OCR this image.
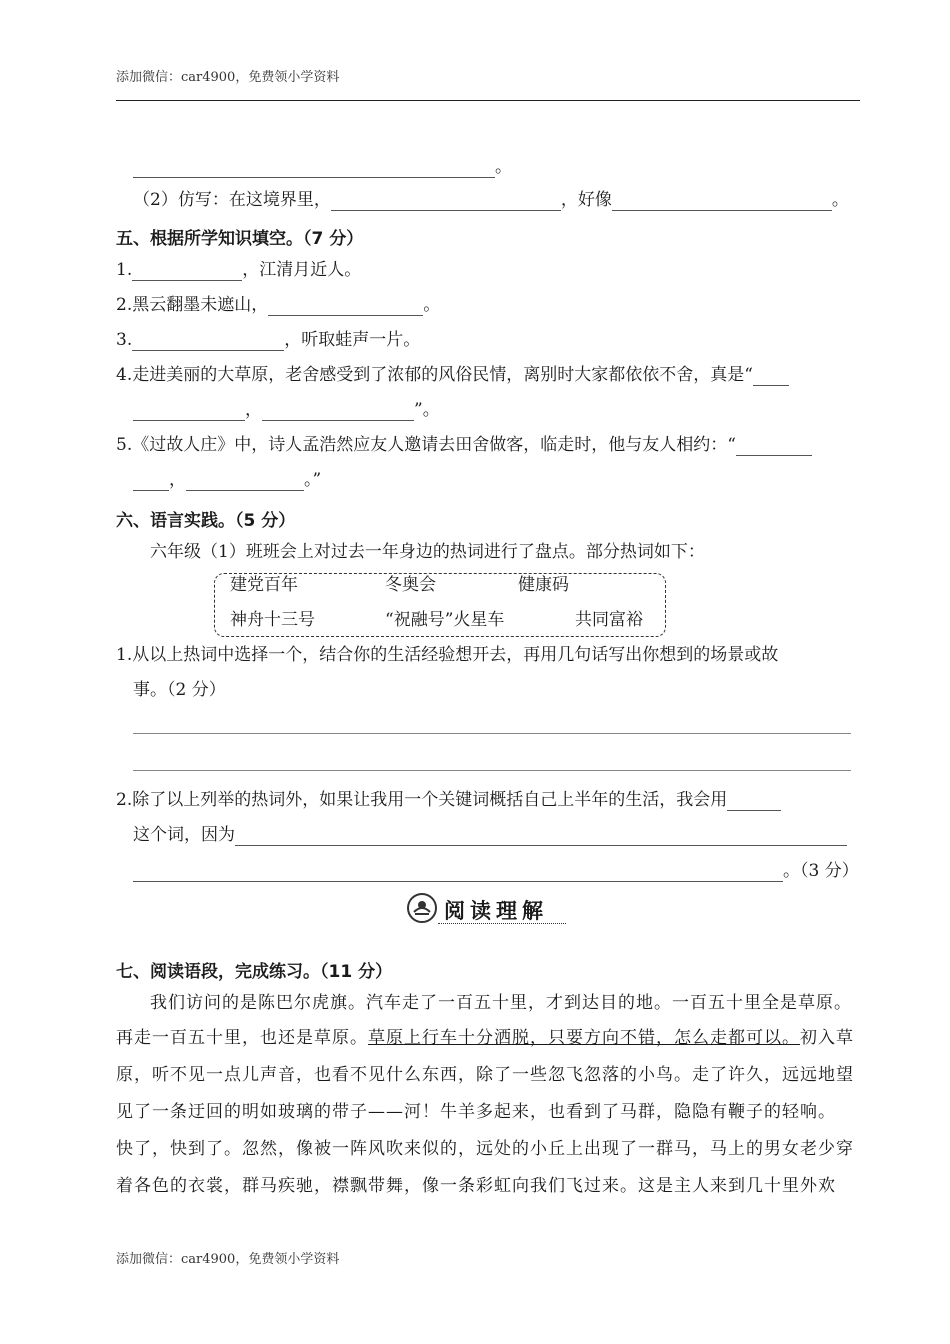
添加微信：car4900，免费领小学资料
。
（2）仿写：在这境界里，	，好像	。
五、根据所学知识填空。（7 分）
1.	，江清月近人。
2.黑云翻墨未遮山，	。
3.	，听取蛙声一片。
4.走进美丽的大草原，老舍感受到了浓郁的风俗民情，离别时大家都依依不舍，真是“
，	”。
5.《过故人庄》中，诗人孟浩然应友人邀请去田舍做客，临走时，他与友人相约：“
，	。”
六、语言实践。（5 分）
六年级（1）班班会上对过去一年身边的热词进行了盘点。部分热词如下：
建党百年	冬奥会	健康码
神舟十三号	“祝融号”火星车	共同富裕
1.从以上热词中选择一个，结合你的生活经验想开去，再用几句话写出你想到的场景或故
事。（2 分）
2.除了以上列举的热词外，如果让我用一个关键词概括自己上半年的生活，我会用
这个词，因为
。（3 分）
阅读理解
七、阅读语段，完成练习。（11 分）
我们访问的是陈巴尔虎旗。汽车走了一百五十里，才到达目的地。一百五十里全是草原。
再走一百五十里，也还是草原。草原上行车十分洒脱，只要方向不错，怎么走都可以。初入草
原，听不见一点儿声音，也看不见什么东西，除了一些忽飞忽落的小鸟。走了许久，远远地望
见了一条迂回的明如玻璃的带子——河！牛羊多起来，也看到了马群，隐隐有鞭子的轻响。
快了，快到了。忽然，像被一阵风吹来似的，远处的小丘上出现了一群马，马上的男女老少穿
着各色的衣裳，群马疾驰，襟飘带舞，像一条彩虹向我们飞过来。这是主人来到几十里外欢
添加微信：car4900，免费领小学资料
